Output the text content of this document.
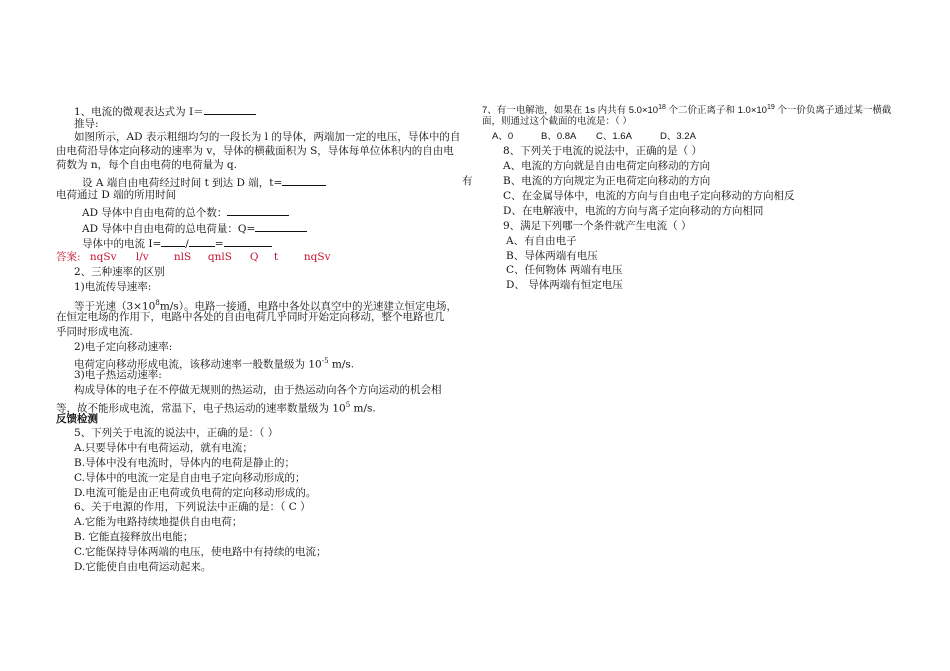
1、电流的微观表达式为 I＝
推导:
如图所示，AD 表示粗细均匀的一段长为 l 的导体，两端加一定的电压，导体中的自
由电荷沿导体定向移动的速率为 v，导体的横截面积为 S，导体每单位体积内的自由电
荷数为 n，每个自由电荷的电荷量为 q.
设 A 端自由电荷经过时间 t 到达 D 端，t=	有
电荷通过 D 端的所用时间
AD 导体中自由电荷的总个数：
AD 导体中自由电荷的总电荷量：Q=
导体中的电流 I= / =
答案: nqSv l/v nlS qnlS Q t nqSv
2、三种速率的区别
1)电流传导速率:
等于光速$(3\times 10^8m/s)$。电路一接通，电路中各处以真空中的光速建立恒定电场，
在恒定电场的作用下，电路中各处的自由电荷几乎同时开始定向移动，整个电路也几
乎同时形成电流.
2)电子定向移动速率:
电荷定向移动形成电流，该移动速率一般数量级为 $10^{-5}$ m/s.
3)电子热运动速率:
构成导体的电子在不停做无规则的热运动，由于热运动向各个方向运动的机会相
等，故不能形成电流，常温下，电子热运动的速率数量级为 $10^5$ m/s.
反馈检测
5、下列关于电流的说法中，正确的是：（ ）
A.只要导体中有电荷运动，就有电流；
B.导体中没有电流时，导体内的电荷是静止的；
C.导体中的电流一定是自由电子定向移动形成的；
D.电流可能是由正电荷或负电荷的定向移动形成的。
6、关于电源的作用，下列说法中正确的是：（ C ）
A.它能为电路持续地提供自由电荷；
B. 它能直接释放出电能；
C.它能保持导体两端的电压，使电路中有持续的电流；
D.它能使自由电荷运动起来。
7、有一电解池，如果在 1s 内共有 $5.0\times 10^{18}$ 个二价正离子和 $1.0\times 10^{19}$ 个一价负离子通过某一横截
面，则通过这个截面的电流是：（ ）
A、0	B、0.8A C、1.6A	D、3.2A
8、下列关于电流的说法中，正确的是（ ）
A、电流的方向就是自由电荷定向移动的方向
B、电流的方向规定为正电荷定向移动的方向
C、在金属导体中，电流的方向与自由电子定向移动的方向相反
D、在电解液中，电流的方向与离子定向移动的方向相同
9、满足下列哪一个条件就产生电流（ ）
A、有自由电子
B、导体两端有电压
C、任何物体 两端有电压
D、 导体两端有恒定电压
